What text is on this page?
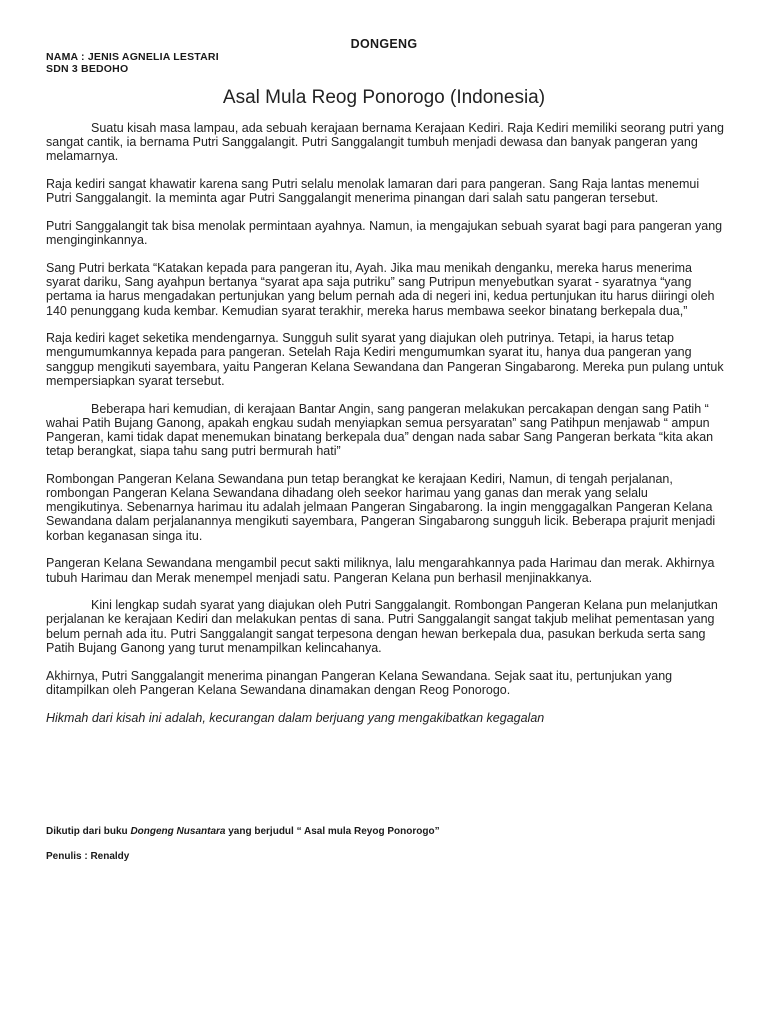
DONGENG
NAMA : JENIS AGNELIA LESTARI
SDN 3 BEDOHO
Asal Mula Reog Ponorogo (Indonesia)

Suatu kisah masa lampau, ada sebuah kerajaan bernama Kerajaan Kediri. Raja Kediri memiliki seorang putri yang sangat cantik, ia bernama Putri Sanggalangit. Putri Sanggalangit tumbuh menjadi dewasa dan banyak pangeran yang melamarnya.

Raja kediri sangat khawatir karena sang Putri selalu menolak lamaran dari para pangeran. Sang Raja lantas menemui Putri Sanggalangit. Ia meminta agar Putri Sanggalangit menerima pinangan dari salah satu pangeran tersebut.

Putri Sanggalangit tak bisa menolak permintaan ayahnya. Namun, ia mengajukan sebuah syarat bagi para pangeran yang menginginkannya.

Sang Putri berkata “Katakan kepada para pangeran itu, Ayah. Jika mau menikah denganku, mereka harus menerima syarat dariku, Sang ayahpun bertanya “syarat apa saja putriku” sang Putripun menyebutkan syarat - syaratnya “yang pertama ia harus mengadakan pertunjukan yang belum pernah ada di negeri ini, kedua pertunjukan itu harus diiringi oleh 140 penunggang kuda kembar. Kemudian syarat terakhir, mereka harus membawa seekor binatang berkepala dua,”

Raja kediri kaget seketika mendengarnya. Sungguh sulit syarat yang diajukan oleh putrinya. Tetapi, ia harus tetap mengumumkannya kepada para pangeran. Setelah Raja Kediri mengumumkan syarat itu, hanya dua pangeran yang sanggup mengikuti sayembara, yaitu Pangeran Kelana Sewandana dan Pangeran Singabarong. Mereka pun pulang untuk mempersiapkan syarat tersebut.

Beberapa hari kemudian, di kerajaan Bantar Angin, sang pangeran melakukan percakapan dengan sang Patih “ wahai Patih Bujang Ganong, apakah engkau sudah menyiapkan semua persyaratan” sang Patihpun menjawab “ ampun Pangeran, kami tidak dapat menemukan binatang berkepala dua” dengan nada sabar Sang Pangeran berkata “kita akan tetap berangkat, siapa tahu sang putri bermurah hati”

Rombongan Pangeran Kelana Sewandana pun tetap berangkat ke kerajaan Kediri, Namun, di tengah perjalanan, rombongan Pangeran Kelana Sewandana dihadang oleh seekor harimau yang ganas dan merak yang selalu mengikutinya. Sebenarnya harimau itu adalah jelmaan Pangeran Singabarong. Ia ingin menggagalkan Pangeran Kelana Sewandana dalam perjalanannya mengikuti sayembara, Pangeran Singabarong sungguh licik. Beberapa prajurit menjadi korban keganasan singa itu.

Pangeran Kelana Sewandana mengambil pecut sakti miliknya, lalu mengarahkannya pada Harimau dan merak. Akhirnya tubuh Harimau dan Merak menempel menjadi satu. Pangeran Kelana pun berhasil menjinakkanya.

Kini lengkap sudah syarat yang diajukan oleh Putri Sanggalangit. Rombongan Pangeran Kelana pun melanjutkan perjalanan ke kerajaan Kediri dan melakukan pentas di sana. Putri Sanggalangit sangat takjub melihat pementasan yang belum pernah ada itu. Putri Sanggalangit sangat terpesona dengan hewan berkepala dua, pasukan berkuda serta sang Patih Bujang Ganong yang turut menampilkan kelincahanya.

Akhirnya, Putri Sanggalangit menerima pinangan Pangeran Kelana Sewandana. Sejak saat itu, pertunjukan yang ditampilkan oleh Pangeran Kelana Sewandana dinamakan dengan Reog Ponorogo.

Hikmah dari kisah ini adalah, kecurangan dalam berjuang yang mengakibatkan kegagalan

Dikutip dari buku Dongeng Nusantara yang berjudul “ Asal mula Reyog Ponorogo”
Penulis : Renaldy
